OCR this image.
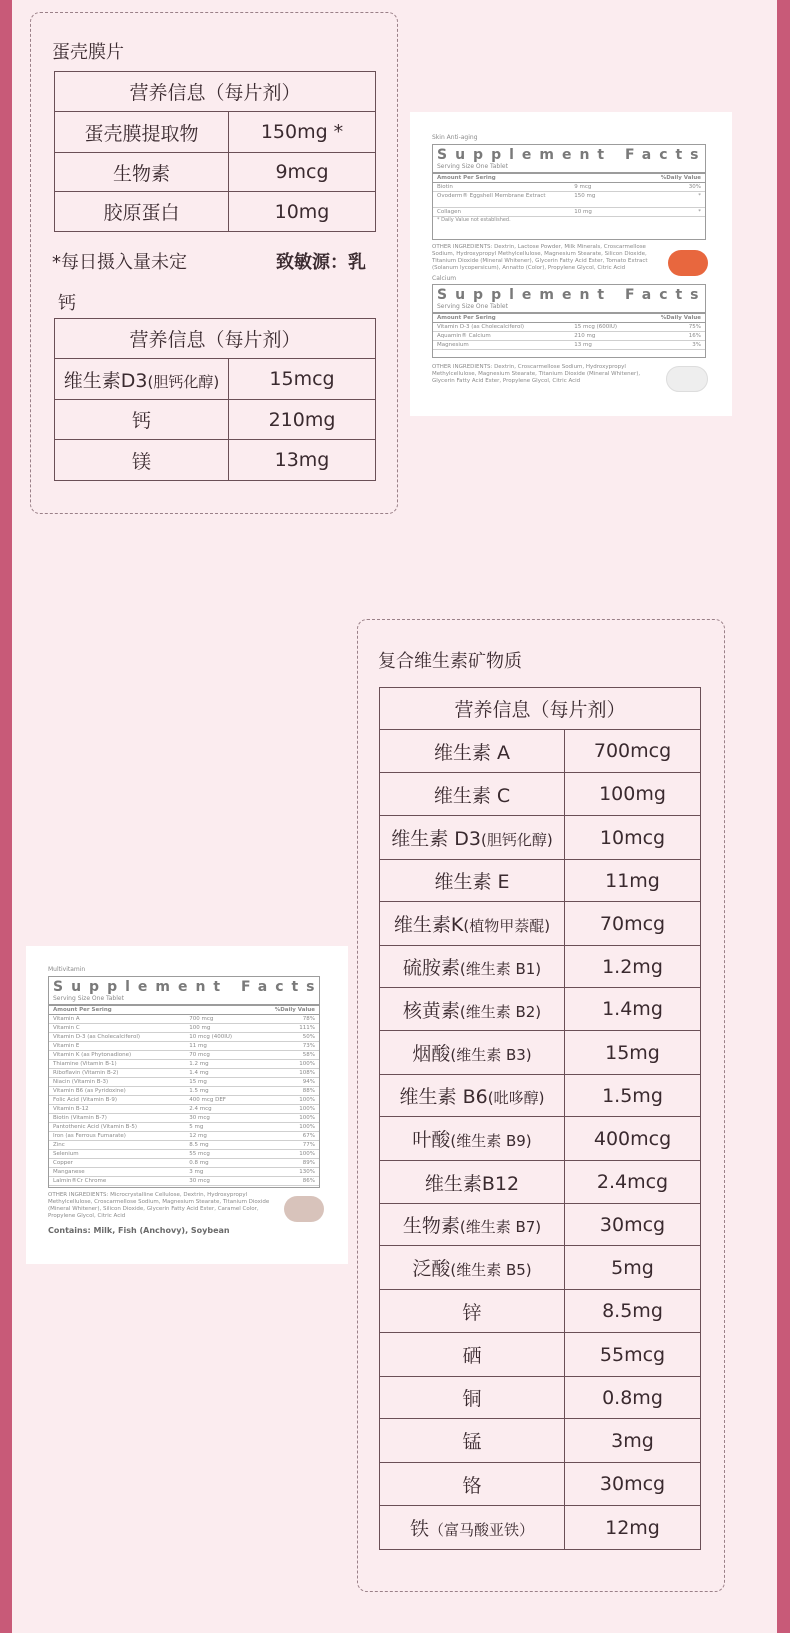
蛋壳膜片
营养信息（每片剂）	
蛋壳膜提取物	150mg *
生物素	9mcg
胶原蛋白	10mg
*每日摄入量未定	致敏源：乳
钙
营养信息（每片剂）	
维生素D3(胆钙化醇)	15mcg
钙	210mg
镁	13mg
Skin Anti-aging
Supplement Facts
Serving Size One Tablet
Amount Per Sering	%Daily Value
Biotin	9 mcg	30%
Ovoderm® Eggshell Membrane Extract	150 mg	*
Collagen	10 mg	*
* Daily Value not established.
OTHER INGREDIENTS: Dextrin, Lactose Powder, Milk Minerals, Croscarmellose Sodium, Hydroxypropyl Methylcellulose, Magnesium Stearate, Silicon Dioxide, Titanium Dioxide (Mineral Whitener), Glycerin Fatty Acid Ester, Tomato Extract (Solanum lycopersicum), Annatto (Color), Propylene Glycol, Citric Acid
Calcium
Supplement Facts
Serving Size One Tablet
Amount Per Sering	%Daily Value
Vitamin D-3 (as Cholecalciferol)	15 mcg (600IU)	75%
Aquamin® Calcium	210 mg	16%
Magnesium	13 mg	3%
OTHER INGREDIENTS: Dextrin, Croscarmellose Sodium, Hydroxypropyl Methylcellulose, Magnesium Stearate, Titanium Dioxide (Mineral Whitener), Glycerin Fatty Acid Ester, Propylene Glycol, Citric Acid
Multivitamin
Supplement Facts
Serving Size One Tablet
Amount Per Sering	%Daily Value
Vitamin A	700 mcg	78%
Vitamin C	100 mg	111%
Vitamin D-3 (as Cholecalciferol)	10 mcg (400IU)	50%
Vitamin E	11 mg	73%
Vitamin K (as Phytonadione)	70 mcg	58%
Thiamine (Vitamin B-1)	1.2 mg	100%
Riboflavin (Vitamin B-2)	1.4 mg	108%
Niacin (Vitamin B-3)	15 mg	94%
Vitamin B6 (as Pyridoxine)	1.5 mg	88%
Folic Acid (Vitamin B-9)	400 mcg DEF	100%
Vitamin B-12	2.4 mcg	100%
Biotin (Vitamin B-7)	30 mcg	100%
Pantothenic Acid (Vitamin B-5)	5 mg	100%
Iron (as Ferrous Fumarate)	12 mg	67%
Zinc	8.5 mg	77%
Selenium	55 mcg	100%
Copper	0.8 mg	89%
Manganese	3 mg	130%
Lalmin®Cr Chrome	30 mcg	86%
OTHER INGREDIENTS: Microcrystalline Cellulose, Dextrin, Hydroxypropyl Methylcellulose, Croscarmellose Sodium, Magnesium Stearate, Titanium Dioxide (Mineral Whitener), Silicon Dioxide, Glycerin Fatty Acid Ester, Caramel Color, Propylene Glycol, Citric Acid
Contains: Milk, Fish (Anchovy), Soybean
复合维生素矿物质
营养信息（每片剂）	
维生素 A	700mcg
维生素 C	100mg
维生素 D3(胆钙化醇)	10mcg
维生素 E	11mg
维生素K(植物甲萘醌)	70mcg
硫胺素(维生素 B1)	1.2mg
核黄素(维生素 B2)	1.4mg
烟酸(维生素 B3)	15mg
维生素 B6(吡哆醇)	1.5mg
叶酸(维生素 B9)	400mcg
维生素B12	2.4mcg
生物素(维生素 B7)	30mcg
泛酸(维生素 B5)	5mg
锌	8.5mg
硒	55mcg
铜	0.8mg
锰	3mg
铬	30mcg
铁（富马酸亚铁）	12mg
